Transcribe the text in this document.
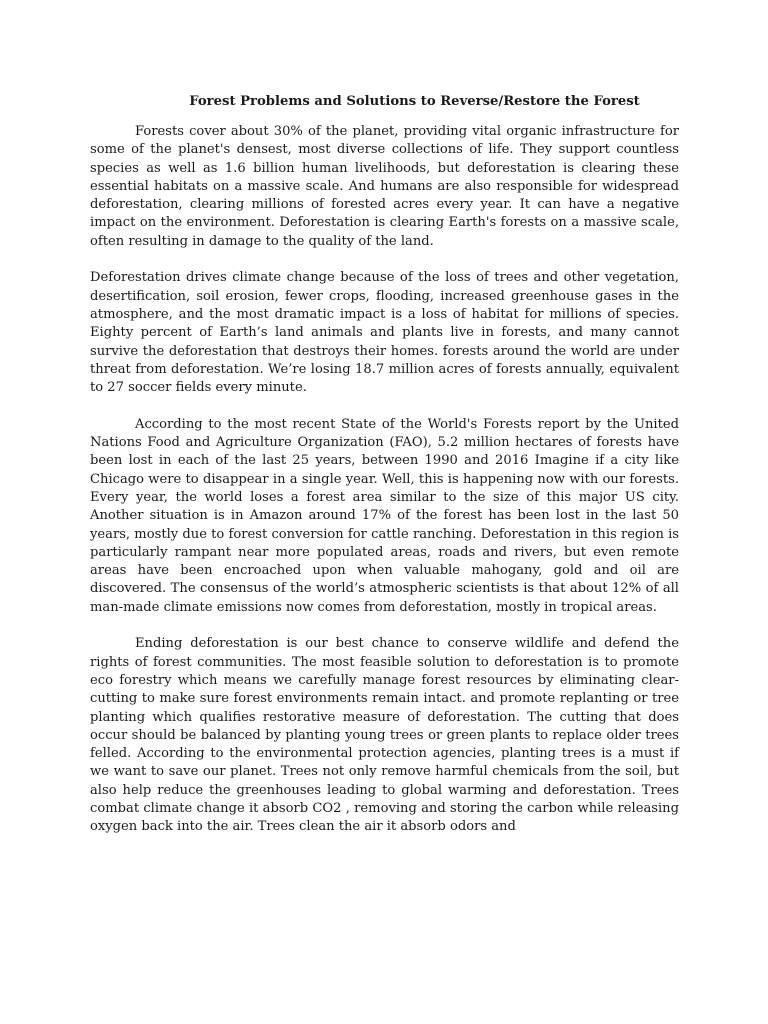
Forest Problems and Solutions to Reverse/Restore the Forest

Forests cover about 30% of the planet, providing vital organic infrastructure for some of the planet's densest, most diverse collections of life. They support countless species as well as 1.6 billion human livelihoods, but deforestation is clearing these essential habitats on a massive scale. And humans are also responsible for widespread deforestation, clearing millions of forested acres every year. It can have a negative impact on the environment. Deforestation is clearing Earth's forests on a massive scale, often resulting in damage to the quality of the land.

Deforestation drives climate change because of the loss of trees and other vegetation, desertification, soil erosion, fewer crops, flooding, increased greenhouse gases in the atmosphere, and the most dramatic impact is a loss of habitat for millions of species. Eighty percent of Earth’s land animals and plants live in forests, and many cannot survive the deforestation that destroys their homes. forests around the world are under threat from deforestation. We’re losing 18.7 million acres of forests annually, equivalent to 27 soccer fields every minute.

According to the most recent State of the World's Forests report by the United Nations Food and Agriculture Organization (FAO), 5.2 million hectares of forests have been lost in each of the last 25 years, between 1990 and 2016 Imagine if a city like Chicago were to disappear in a single year. Well, this is happening now with our forests. Every year, the world loses a forest area similar to the size of this major US city. Another situation is in Amazon around 17% of the forest has been lost in the last 50 years, mostly due to forest conversion for cattle ranching. Deforestation in this region is particularly rampant near more populated areas, roads and rivers, but even remote areas have been encroached upon when valuable mahogany, gold and oil are discovered. The consensus of the world’s atmospheric scientists is that about 12% of all man-made climate emissions now comes from deforestation, mostly in tropical areas.

Ending deforestation is our best chance to conserve wildlife and defend the rights of forest communities. The most feasible solution to deforestation is to promote eco forestry which means we carefully manage forest resources by eliminating clear-cutting to make sure forest environments remain intact. and promote replanting or tree planting which qualifies restorative measure of deforestation. The cutting that does occur should be balanced by planting young trees or green plants to replace older trees felled. According to the environmental protection agencies, planting trees is a must if we want to save our planet. Trees not only remove harmful chemicals from the soil, but also help reduce the greenhouses leading to global warming and deforestation. Trees combat climate change it absorb CO2 , removing and storing the carbon while releasing oxygen back into the air. Trees clean the air it absorb odors and
